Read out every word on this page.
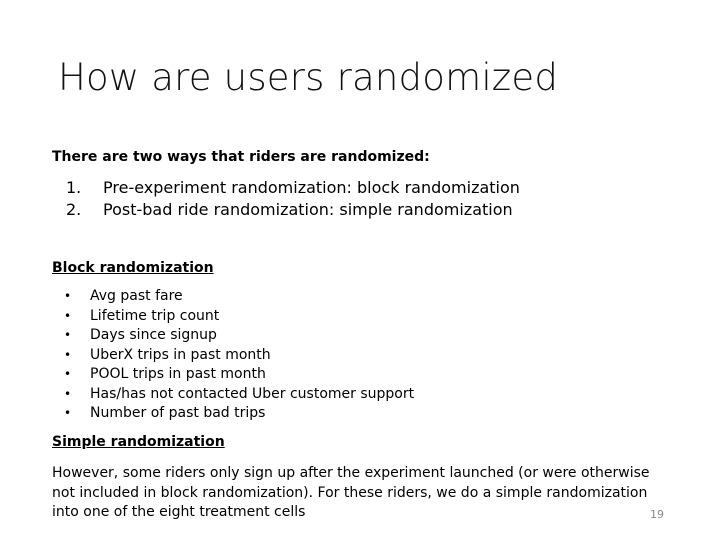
How are users randomized
There are two ways that riders are randomized:
1.	Pre-experiment randomization: block randomization
2.	Post-bad ride randomization: simple randomization
Block randomization
•	Avg past fare
•	Lifetime trip count
•	Days since signup
•	UberX trips in past month
•	POOL trips in past month
•	Has/has not contacted Uber customer support
•	Number of past bad trips
Simple randomization
However, some riders only sign up after the experiment launched (or were otherwise not included in block randomization). For these riders, we do a simple randomization into one of the eight treatment cells	19
